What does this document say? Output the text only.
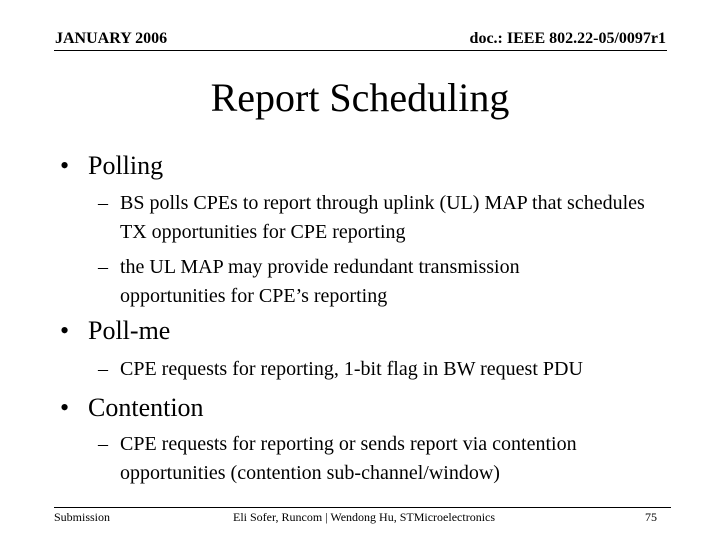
JANUARY 2006	doc.: IEEE 802.22-05/0097r1
Report Scheduling
• Polling
– BS polls CPEs to report through uplink (UL) MAP that schedules TX opportunities for CPE reporting
– the UL MAP may provide redundant transmission opportunities for CPE’s reporting
• Poll-me
– CPE requests for reporting, 1-bit flag in BW request PDU
• Contention
– CPE requests for reporting or sends report via contention opportunities (contention sub-channel/window)
Submission	Eli Sofer, Runcom | Wendong Hu, STMicroelectronics	75
